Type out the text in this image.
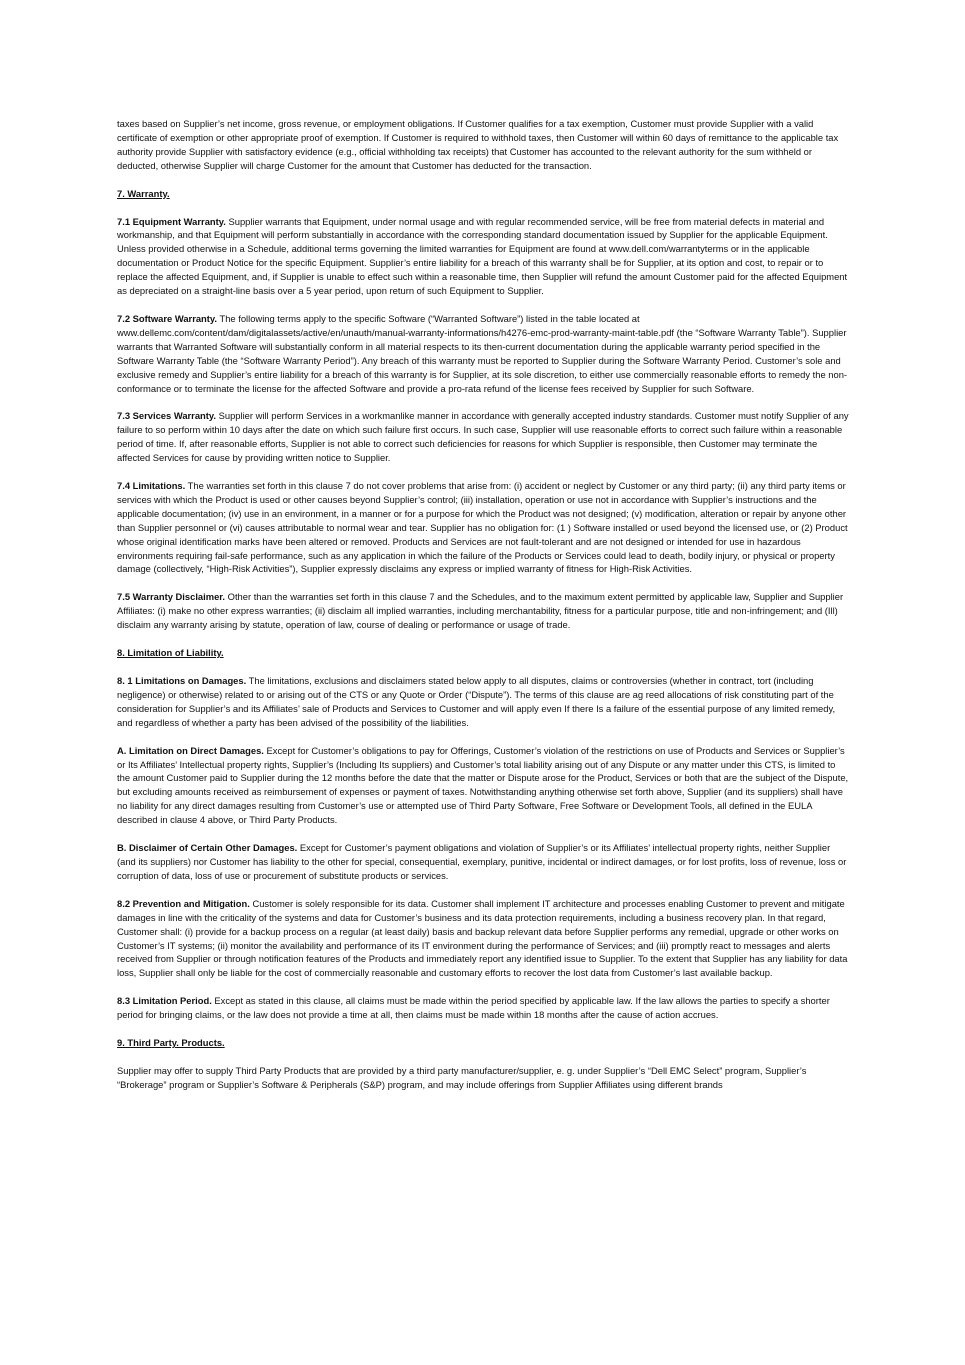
taxes based on Supplier’s net income, gross revenue, or employment obligations. If Customer qualifies for a tax exemption, Customer must provide Supplier with a valid certificate of exemption or other appropriate proof of exemption. If Customer is required to withhold taxes, then Customer will within 60 days of remittance to the applicable tax authority provide Supplier with satisfactory evidence (e.g., official withholding tax receipts) that Customer has accounted to the relevant authority for the sum withheld or deducted, otherwise Supplier will charge Customer for the amount that Customer has deducted for the transaction.

7. Warranty.

7.1 Equipment Warranty. Supplier warrants that Equipment, under normal usage and with regular recommended service, will be free from material defects in material and workmanship, and that Equipment will perform substantially in accordance with the corresponding standard documentation issued by Supplier for the applicable Equipment. Unless provided otherwise in a Schedule, additional terms governing the limited warranties for Equipment are found at www.dell.com/warrantyterms or in the applicable documentation or Product Notice for the specific Equipment. Supplier’s entire liability for a breach of this warranty shall be for Supplier, at its option and cost, to repair or to replace the affected Equipment, and, if Supplier is unable to effect such within a reasonable time, then Supplier will refund the amount Customer paid for the affected Equipment as depreciated on a straight-line basis over a 5 year period, upon return of such Equipment to Supplier.

7.2 Software Warranty. The following terms apply to the specific Software (“Warranted Software”) listed in the table located at www.dellemc.com/content/dam/digitalassets/active/en/unauth/manual-warranty-informations/h4276-emc-prod-warranty-maint-table.pdf (the “Software Warranty Table”). Supplier warrants that Warranted Software will substantially conform in all material respects to its then-current documentation during the applicable warranty period specified in the Software Warranty Table (the “Software Warranty Period”). Any breach of this warranty must be reported to Supplier during the Software Warranty Period. Customer’s sole and exclusive remedy and Supplier’s entire liability for a breach of this warranty is for Supplier, at its sole discretion, to either use commercially reasonable efforts to remedy the non-conformance or to terminate the license for the affected Software and provide a pro-rata refund of the license fees received by Supplier for such Software.

7.3 Services Warranty. Supplier will perform Services in a workmanlike manner in accordance with generally accepted industry standards. Customer must notify Supplier of any failure to so perform within 10 days after the date on which such failure first occurs. In such case, Supplier will use reasonable efforts to correct such failure within a reasonable period of time. If, after reasonable efforts, Supplier is not able to correct such deficiencies for reasons for which Supplier is responsible, then Customer may terminate the affected Services for cause by providing written notice to Supplier.

7.4 Limitations. The warranties set forth in this clause 7 do not cover problems that arise from: (i) accident or neglect by Customer or any third party; (ii) any third party items or services with which the Product is used or other causes beyond Supplier’s control; (iii) installation, operation or use not in accordance with Supplier’s instructions and the applicable documentation; (iv) use in an environment, in a manner or for a purpose for which the Product was not designed; (v) modification, alteration or repair by anyone other than Supplier personnel or (vi) causes attributable to normal wear and tear. Supplier has no obligation for: (1 ) Software installed or used beyond the licensed use, or (2) Product whose original identification marks have been altered or removed. Products and Services are not fault-tolerant and are not designed or intended for use in hazardous environments requiring fail-safe performance, such as any application in which the failure of the Products or Services could lead to death, bodily injury, or physical or property damage (collectively, “High-Risk Activities”), Supplier expressly disclaims any express or implied warranty of fitness for High-Risk Activities.

7.5 Warranty Disclaimer. Other than the warranties set forth in this clause 7 and the Schedules, and to the maximum extent permitted by applicable law, Supplier and Supplier Affiliates: (i) make no other express warranties; (ii) disclaim all implied warranties, including merchantability, fitness for a particular purpose, title and non-infringement; and (Ill) disclaim any warranty arising by statute, operation of law, course of dealing or performance or usage of trade.

8. Limitation of Liability.

8. 1 Limitations on Damages. The limitations, exclusions and disclaimers stated below apply to all disputes, claims or controversies (whether in contract, tort (including negligence) or otherwise) related to or arising out of the CTS or any Quote or Order (“Dispute”). The terms of this clause are ag reed allocations of risk constituting part of the consideration for Supplier’s and its Affiliates’ sale of Products and Services to Customer and will apply even If there Is a failure of the essential purpose of any limited remedy, and regardless of whether a party has been advised of the possibility of the liabilities.

A. Limitation on Direct Damages. Except for Customer’s obligations to pay for Offerings, Customer’s violation of the restrictions on use of Products and Services or Supplier’s or Its Affiliates’ Intellectual property rights, Supplier’s (Including Its suppliers) and Customer’s total liability arising out of any Dispute or any matter under this CTS, is limited to the amount Customer paid to Supplier during the 12 months before the date that the matter or Dispute arose for the Product, Services or both that are the subject of the Dispute, but excluding amounts received as reimbursement of expenses or payment of taxes. Notwithstanding anything otherwise set forth above, Supplier (and its suppliers) shall have no liability for any direct damages resulting from Customer’s use or attempted use of Third Party Software, Free Software or Development Tools, all defined in the EULA described in clause 4 above, or Third Party Products.

B. Disclaimer of Certain Other Damages. Except for Customer’s payment obligations and violation of Supplier’s or its Affiliates’ intellectual property rights, neither Supplier (and its suppliers) nor Customer has liability to the other for special, consequential, exemplary, punitive, incidental or indirect damages, or for lost profits, loss of revenue, loss or corruption of data, loss of use or procurement of substitute products or services.

8.2 Prevention and Mitigation. Customer is solely responsible for its data. Customer shall implement IT architecture and processes enabling Customer to prevent and mitigate damages in line with the criticality of the systems and data for Customer’s business and its data protection requirements, including a business recovery plan. In that regard, Customer shall: (i) provide for a backup process on a regular (at least daily) basis and backup relevant data before Supplier performs any remedial, upgrade or other works on Customer’s IT systems; (ii) monitor the availability and performance of its IT environment during the performance of Services; and (iii) promptly react to messages and alerts received from Supplier or through notification features of the Products and immediately report any identified issue to Supplier. To the extent that Supplier has any liability for data loss, Supplier shall only be liable for the cost of commercially reasonable and customary efforts to recover the lost data from Customer’s last available backup.

8.3 Limitation Period. Except as stated in this clause, all claims must be made within the period specified by applicable law. If the law allows the parties to specify a shorter period for bringing claims, or the law does not provide a time at all, then claims must be made within 18 months after the cause of action accrues.

9. Third Party. Products.

Supplier may offer to supply Third Party Products that are provided by a third party manufacturer/supplier, e. g. under Supplier’s “Dell EMC Select” program, Supplier’s “Brokerage” program or Supplier’s Software & Peripherals (S&P) program, and may include offerings from Supplier Affiliates using different brands
